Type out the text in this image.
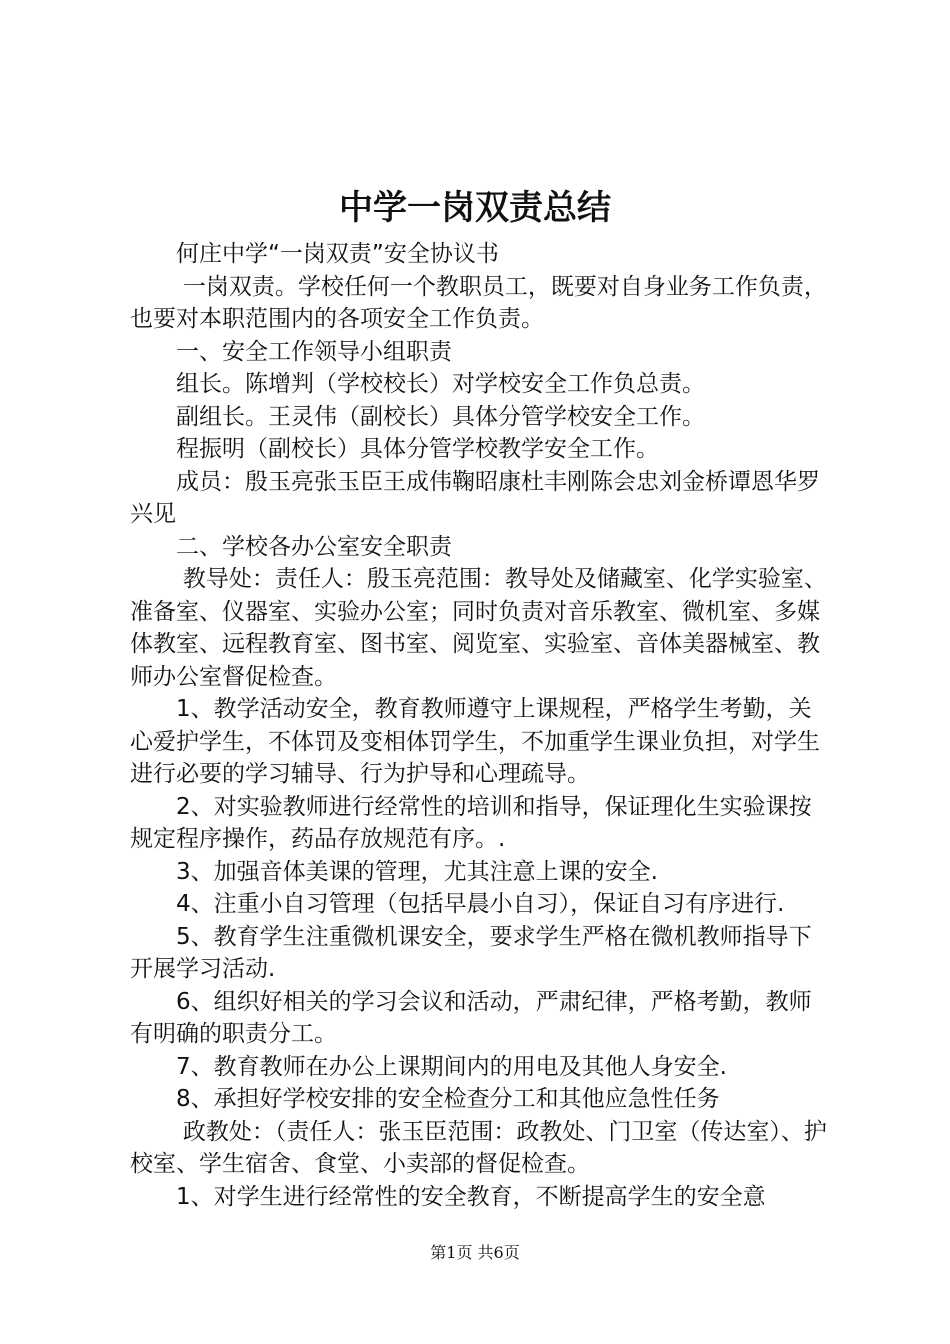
中学一岗双责总结

何庄中学“一岗双责”安全协议书

一岗双责。学校任何一个教职员工，既要对自身业务工作负责，也要对本职范围内的各项安全工作负责。

一、安全工作领导小组职责

组长。陈增判（学校校长）对学校安全工作负总责。

副组长。王灵伟（副校长）具体分管学校安全工作。

程振明（副校长）具体分管学校教学安全工作。

成员：殷玉亮张玉臣王成伟鞠昭康杜丰刚陈会忠刘金桥谭恩华罗兴见

二、学校各办公室安全职责

教导处：责任人：殷玉亮范围：教导处及储藏室、化学实验室、准备室、仪器室、实验办公室；同时负责对音乐教室、微机室、多媒体教室、远程教育室、图书室、阅览室、实验室、音体美器械室、教师办公室督促检查。

1、教学活动安全，教育教师遵守上课规程，严格学生考勤，关心爱护学生，不体罚及变相体罚学生，不加重学生课业负担，对学生进行必要的学习辅导、行为护导和心理疏导。

2、对实验教师进行经常性的培训和指导，保证理化生实验课按规定程序操作，药品存放规范有序。.

3、加强音体美课的管理，尤其注意上课的安全.

4、注重小自习管理（包括早晨小自习），保证自习有序进行.

5、教育学生注重微机课安全，要求学生严格在微机教师指导下开展学习活动.

6、组织好相关的学习会议和活动，严肃纪律，严格考勤，教师有明确的职责分工。

7、教育教师在办公上课期间内的用电及其他人身安全.

8、承担好学校安排的安全检查分工和其他应急性任务

政教处：（责任人：张玉臣范围：政教处、门卫室（传达室）、护校室、学生宿舍、食堂、小卖部的督促检查。

1、对学生进行经常性的安全教育，不断提高学生的安全意

第1页 共6页
